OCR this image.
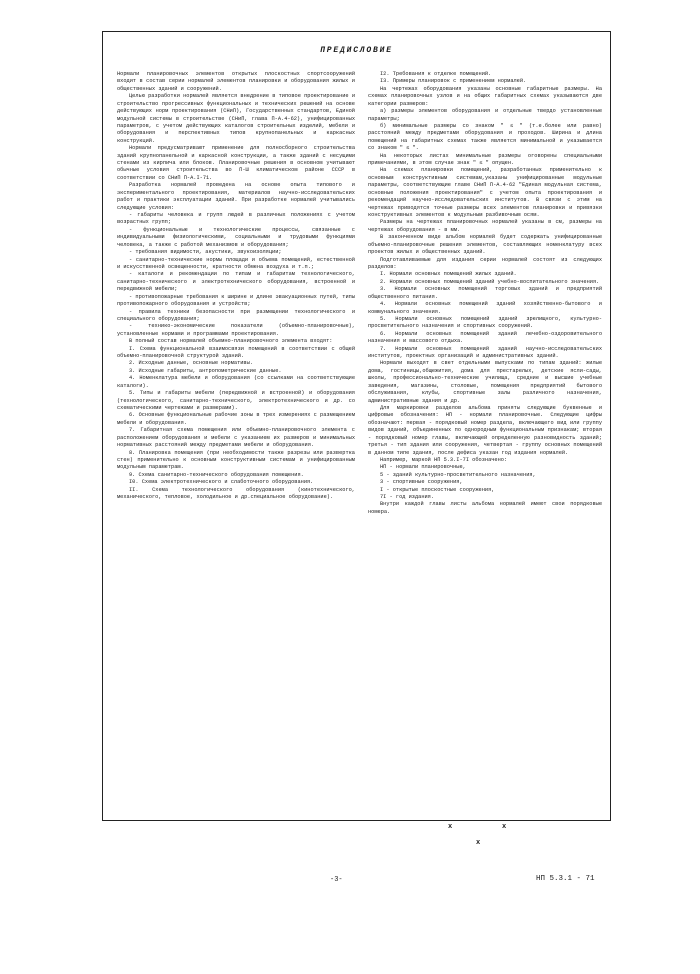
ПРЕДИСЛОВИЕ

Нормали планировочных элементов открытых плоскостных спортсооружений входит в состав серии нормалей элементов планировки и оборудования жилых и общественных зданий и сооружений.

Целью разработки нормалей является внедрение в типовое проектирование и строительство прогрессивных функциональных и технических решений на основе действующих норм проектирования (СНиП), Государственных стандартов, Единой модульной системы в строительстве (СНиП, глава П-А.4-62), унифицированных параметров, с учетом действующих каталогов строительных изделий, мебели и оборудования и перспективных типов крупнопанельных и каркасных конструкций.

Нормали предусматривают применение для полносборного строительства зданий крупнопанельной и каркасной конструкции, а также зданий с несущими стенами из кирпича или блоков. Планировочные решения в основном учитывают обычные условия строительства во П-Ш климатическом районе СССР в соответствии со СНиП П-А.I-71.

Разработка нормалей проведена на основе опыта типового и экспериментального проектирования, материалов научно-исследовательских работ и практики эксплуатации зданий. При разработке нормалей учитывались следующие условия:

- габариты человека и групп людей в различных положениях с учетом возрастных групп;

- функциональные и технологические процессы, связанные с индивидуальными физиологическими, социальными и трудовыми функциями человека, а также с работой механизмов и оборудования;

- требования видимости, акустики, звукоизоляции;

- санитарно-технические нормы площади и объема помещений, естественной и искусственной освещенности, кратности обмена воздуха и т.п.;

- каталоги и рекомендации по типам и габаритам технологического, санитарно-технического и электротехнического оборудования, встроенной и передвижной мебели;

- противопожарные требования к ширине и длине эвакуационных путей, типы противопожарного оборудования и устройств;

- правила техники безопасности при размещении технологического и специального оборудования;

- технико-экономические показатели (объемно-планировочные), установленные нормами и программами проектирования.

В полный состав нормалей объемно-планировочного элемента входят:

I. Схема функциональной взаимосвязи помещений в соответствии с общей объемно-планировочной структурой зданий.

2. Исходные данные, основные нормативы.

3. Исходные габариты, антропометрические данные.

4. Номенклатура мебели и оборудования (со ссылками на соответствующие каталоги).

5. Типы и габариты мебели (передвижной и встроенной) и оборудования (технологического, санитарно-технического, электротехнического и др. со схематическими чертежами и размерами).

6. Основные функциональные рабочие зоны в трех измерениях с размещением мебели и оборудования.

7. Габаритная схема помещения или объемно-планировочного элемента с расположением оборудования и мебели с указанием их размеров и минимальных нормативных расстояний между предметами мебели и оборудования.

8. Планировка помещения (при необходимости также разрезы или развертка стен) применительно к основным конструктивным системам и унифицированным модульным параметрам.

9. Схема санитарно-технического оборудования помещения.

I0. Схема электротехнического и слаботочного оборудования.

II. Схема технологического оборудования (кинотехнического, механического, тепловое, холодильное и др.специальное оборудование).

I2. Требования к отделке помещений.

I3. Примеры планировок с применением нормалей.

На чертежах оборудования указаны основные габаритные размеры. На схемах планировочных узлов и на общих габаритных схемах указываются две категории размеров:

а) размеры элементов оборудования и отдельные твердо установленные параметры;

б) минимальные размеры со знаком " ≤ " (т.е.более или равно) расстояний между предметами оборудования и проходов. Ширина и длина помещений на габаритных схемах также является минимальной и указывается со знаком " ≤ ".

На некоторых листах минимальные размеры оговорены специальными примечаниями, в этом случае знак " ≤ " опущен.

На схемах планировки помещений, разработанных применительно к основным конструктивным системам,указаны унифицированные модульные параметры, соответствующие главе СНиП П-А.4-62 "Единая модульная система, основные положения проектирования" с учетом опыта проектирования и рекомендаций научно-исследовательских институтов. В связи с этим на чертежах приводятся точные размеры всех элементов планировки и привязки конструктивных элементов к модульным разбивочным осям.

Размеры на чертежах планировочных нормалей указаны в см, размеры на чертежах оборудования - в мм.

В законченном виде альбом нормалей будет содержать унифицированные объемно-планировочные решения элементов, составляющих номенклатуру всех проектов жилых и общественных зданий.

Подготавливаемые для издания серии нормалей состоят из следующих разделов:

I. Нормали основных помещений жилых зданий.

2. Нормали основных помещений зданий учебно-воспитательного значения.

3. Нормали основных помещений торговых зданий и предприятий общественного питания.

4. Нормали основных помещений зданий хозяйственно-бытового и коммунального значения.

5. Нормали основных помещений зданий зрелищного, культурно-просветительного назначения и спортивных сооружений.

6. Нормали основных помещений зданий лечебно-оздоровительного назначения и массового отдыха.

7. Нормали основных помещений зданий научно-исследовательских институтов, проектных организаций и административных зданий.

Нормали выходят в свет отдельными выпусками по типам зданий: жилые дома, гостиницы,общежития, дома для престарелых, детские ясли-сады, школы, профессионально-технические училища, средние и высшие учебные заведения, магазины, столовые, помещения предприятий бытового обслуживания, клубы, спортивные залы различного назначения, административные здания и др.

Для маркировки разделов альбома приняты следующие буквенные и цифровые обозначения: НП - нормали планировочные. Следующие цифры обозначают: первая - порядковый номер раздела, включающего вид или группу видов зданий, объединенных по однородным функциональным признакам; вторая - порядковый номер главы, включающей определенную разновидность зданий; третья - тип здания или сооружения, четвертая - группу основных помещений в данном типе здания, после дефиса указан год издания нормалей.

Например, маркой НП 5.3.I-7I обозначено:

НП - нормали планировочные,

5 - зданий культурно-просветительного назначения,

3 - спортивные сооружения,

I - открытые плоскостные сооружения,

7I - год издания.

Внутри каждой главы листы альбома нормалей имеют свои порядковые номера.

x	x
x
-3-	НП 5.3.1 - 71
